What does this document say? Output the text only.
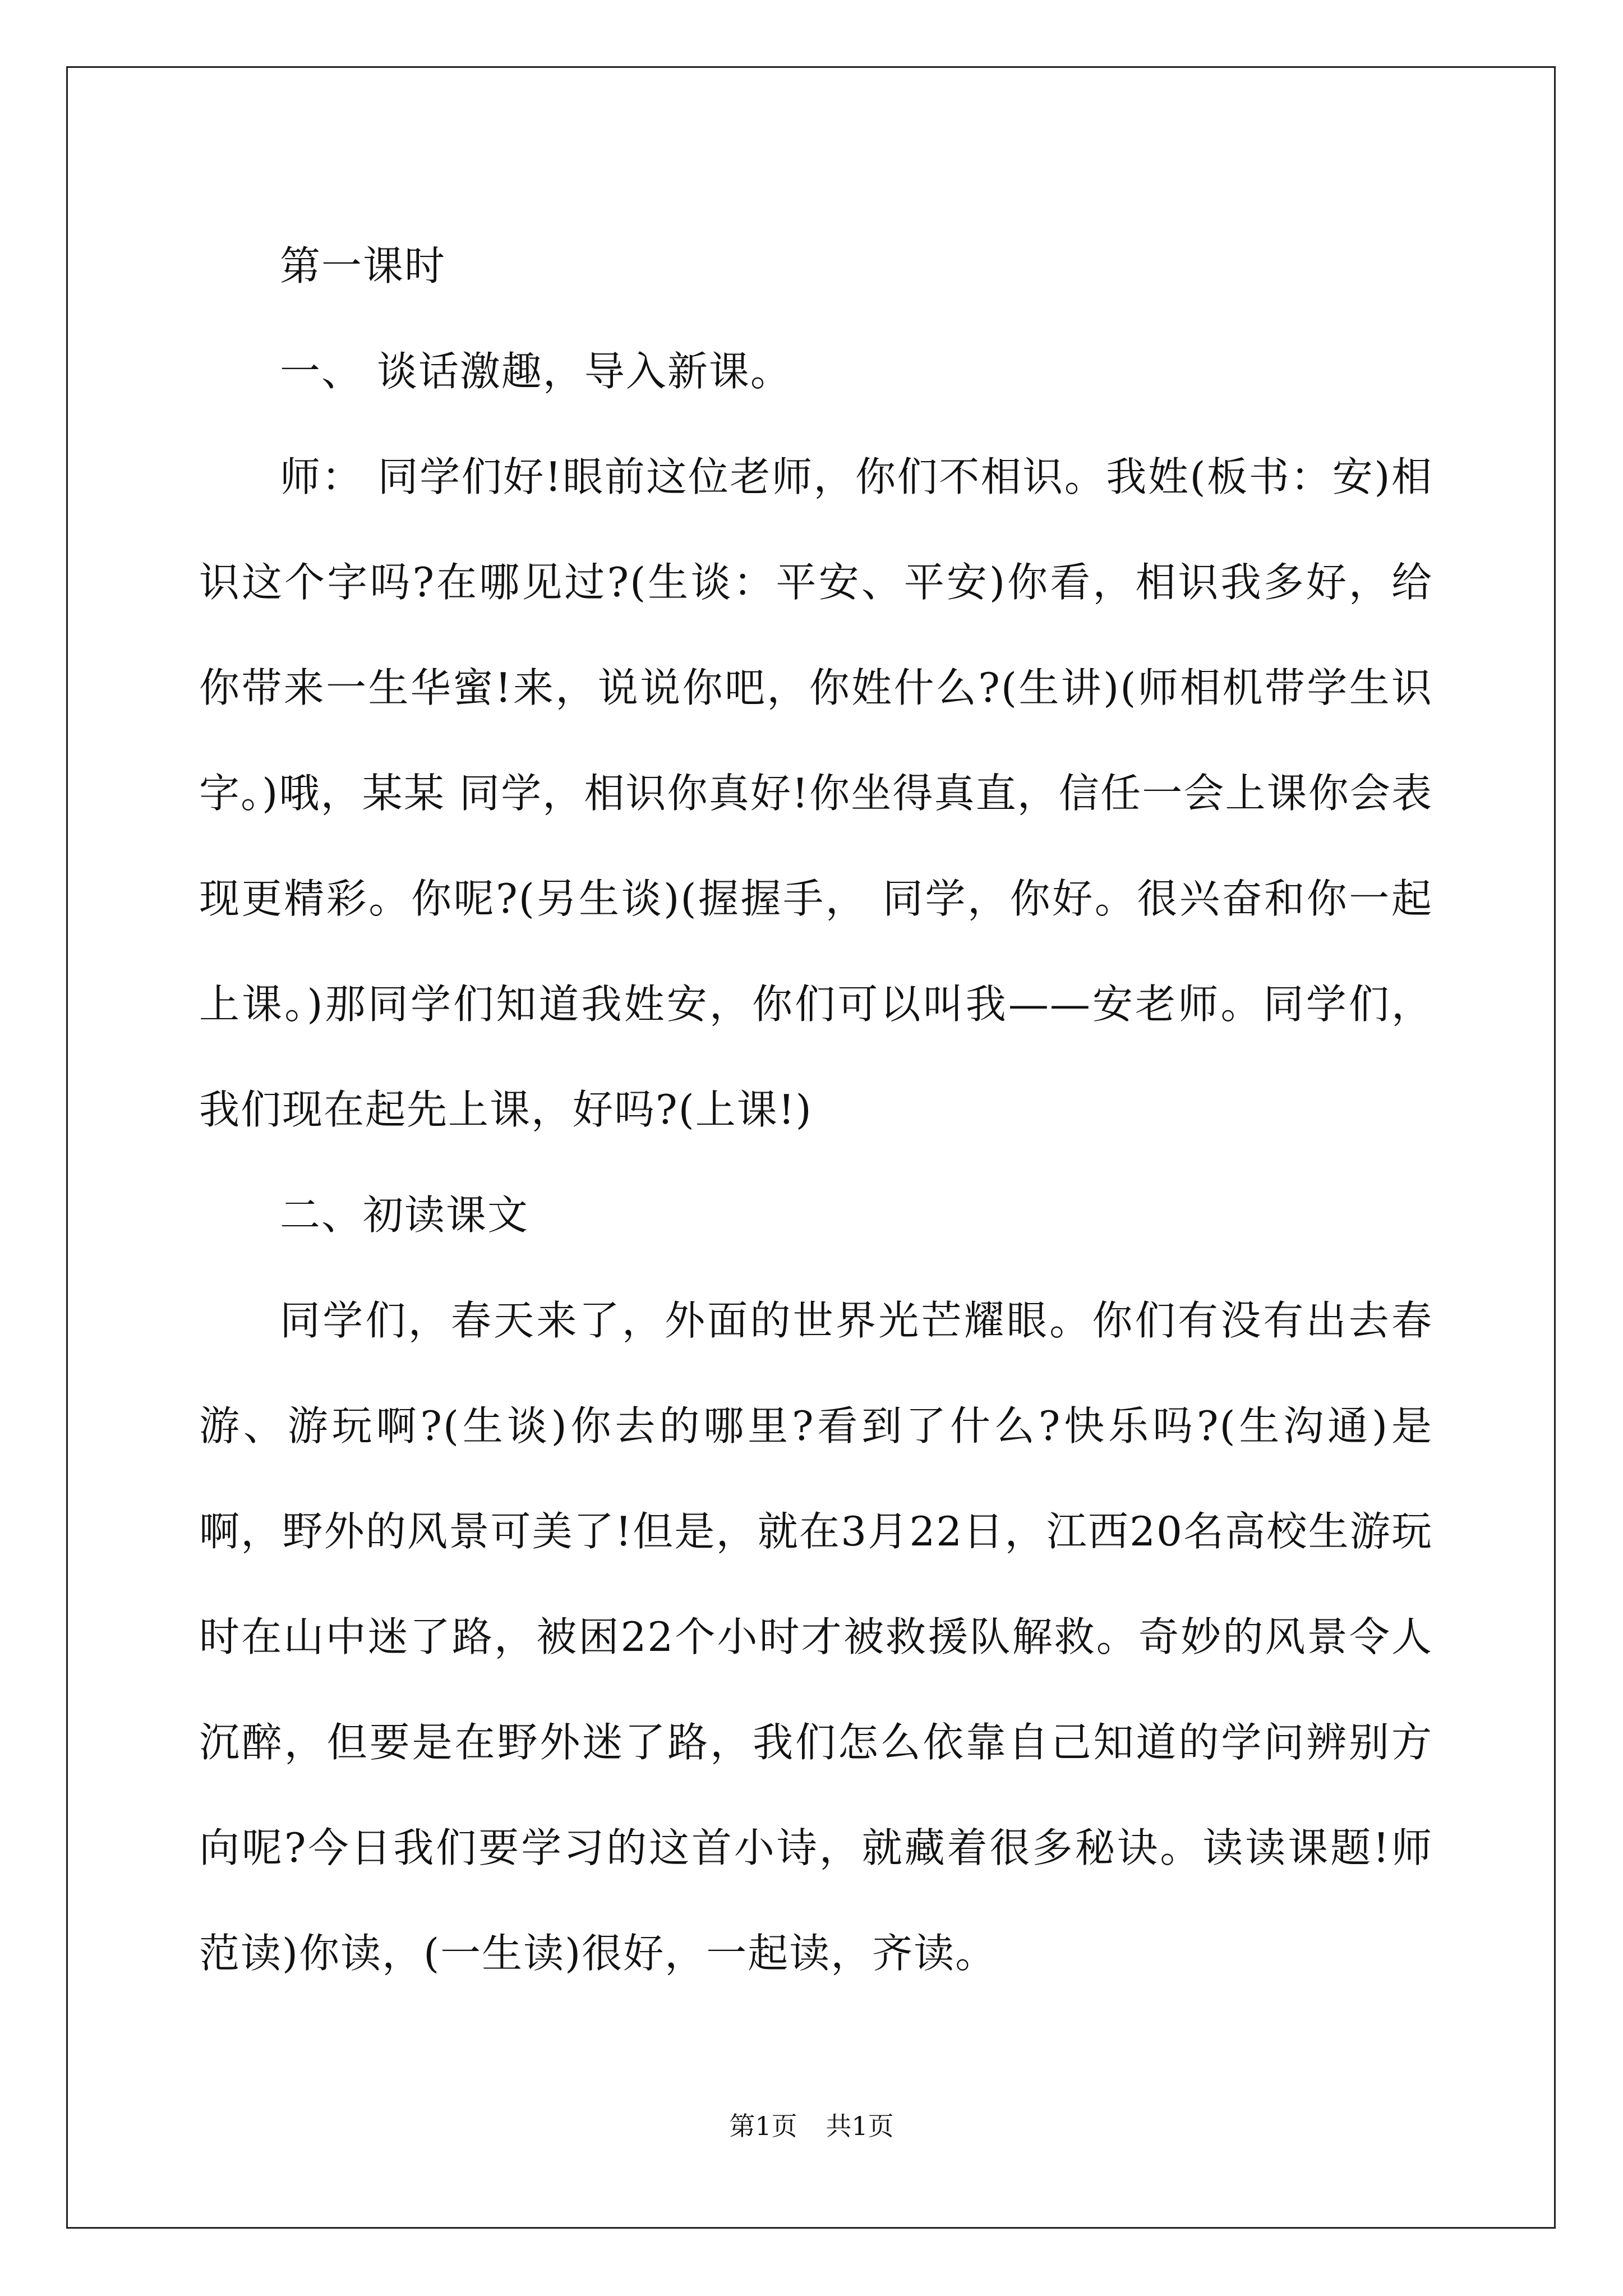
第一课时

一、 谈话激趣，导入新课。

师： 同学们好!眼前这位老师，你们不相识。我姓(板书：安)相识这个字吗?在哪见过?(生谈：平安、平安)你看，相识我多好，给你带来一生华蜜!来，说说你吧，你姓什么?(生讲)(师相机带学生识字。)哦，某某 同学，相识你真好!你坐得真直，信任一会上课你会表现更精彩。你呢?(另生谈)(握握手， 同学，你好。很兴奋和你一起上课。)那同学们知道我姓安，你们可以叫我——安老师。同学们，我们现在起先上课，好吗?(上课!)

二、初读课文

同学们，春天来了，外面的世界光芒耀眼。你们有没有出去春游、游玩啊?(生谈)你去的哪里?看到了什么?快乐吗?(生沟通)是啊，野外的风景可美了!但是，就在3月22日，江西20名高校生游玩时在山中迷了路，被困22个小时才被救援队解救。奇妙的风景令人沉醉，但要是在野外迷了路，我们怎么依靠自己知道的学问辨别方向呢?今日我们要学习的这首小诗，就藏着很多秘诀。读读课题!师范读)你读，(一生读)很好，一起读，齐读。

第1页 共1页
